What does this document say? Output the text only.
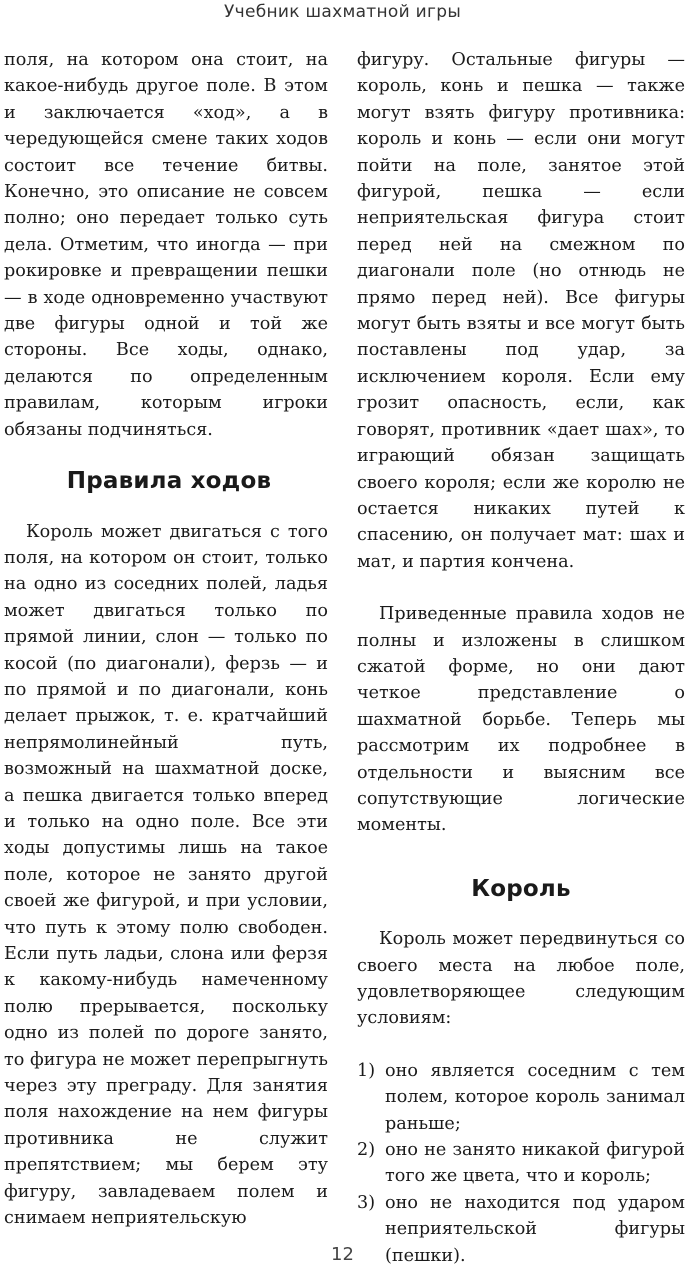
Учебник шахматной игры

поля, на котором она стоит, на какое-нибудь другое поле. В этом и заключается «ход», а в чередующейся смене таких ходов состоит все течение битвы. Конечно, это описание не совсем полно; оно передает только суть дела. Отметим, что иногда — при рокировке и превращении пешки — в ходе одновременно участвуют две фигуры одной и той же стороны. Все ходы, однако, делаются по определенным правилам, которым игроки обязаны подчиняться.

Правила ходов

Король может двигаться с того поля, на котором он стоит, только на одно из соседних полей, ладья может двигаться только по прямой линии, слон — только по косой (по диагонали), ферзь — и по прямой и по диагонали, конь делает прыжок, т. е. кратчайший непрямолинейный путь, возможный на шахматной доске, а пешка двигается только вперед и только на одно поле. Все эти ходы допустимы лишь на такое поле, которое не занято другой своей же фигурой, и при условии, что путь к этому полю свободен. Если путь ладьи, слона или ферзя к какому-нибудь намеченному полю прерывается, поскольку одно из полей по дороге занято, то фигура не может перепрыгнуть через эту преграду. Для занятия поля нахождение на нем фигуры противника не служит препятствием; мы берем эту фигуру, завладеваем полем и снимаем неприятельскую

фигуру. Остальные фигуры — король, конь и пешка — также могут взять фигуру противника: король и конь — если они могут пойти на поле, занятое этой фигурой, пешка — если неприятельская фигура стоит перед ней на смежном по диагонали поле (но отнюдь не прямо перед ней). Все фигуры могут быть взяты и все могут быть поставлены под удар, за исключением короля. Если ему грозит опасность, если, как говорят, противник «дает шах», то играющий обязан защищать своего короля; если же королю не остается никаких путей к спасению, он получает мат: шах и мат, и партия кончена.

Приведенные правила ходов не полны и изложены в слишком сжатой форме, но они дают четкое представление о шахматной борьбе. Теперь мы рассмотрим их подробнее в отдельности и выясним все сопутствующие логические моменты.

Король

Король может передвинуться со своего места на любое поле, удовлетворяющее следующим условиям:

1) оно является соседним с тем полем, которое король занимал раньше;
2) оно не занято никакой фигурой того же цвета, что и король;
3) оно не находится под ударом неприятельской фигуры (пешки).
12
